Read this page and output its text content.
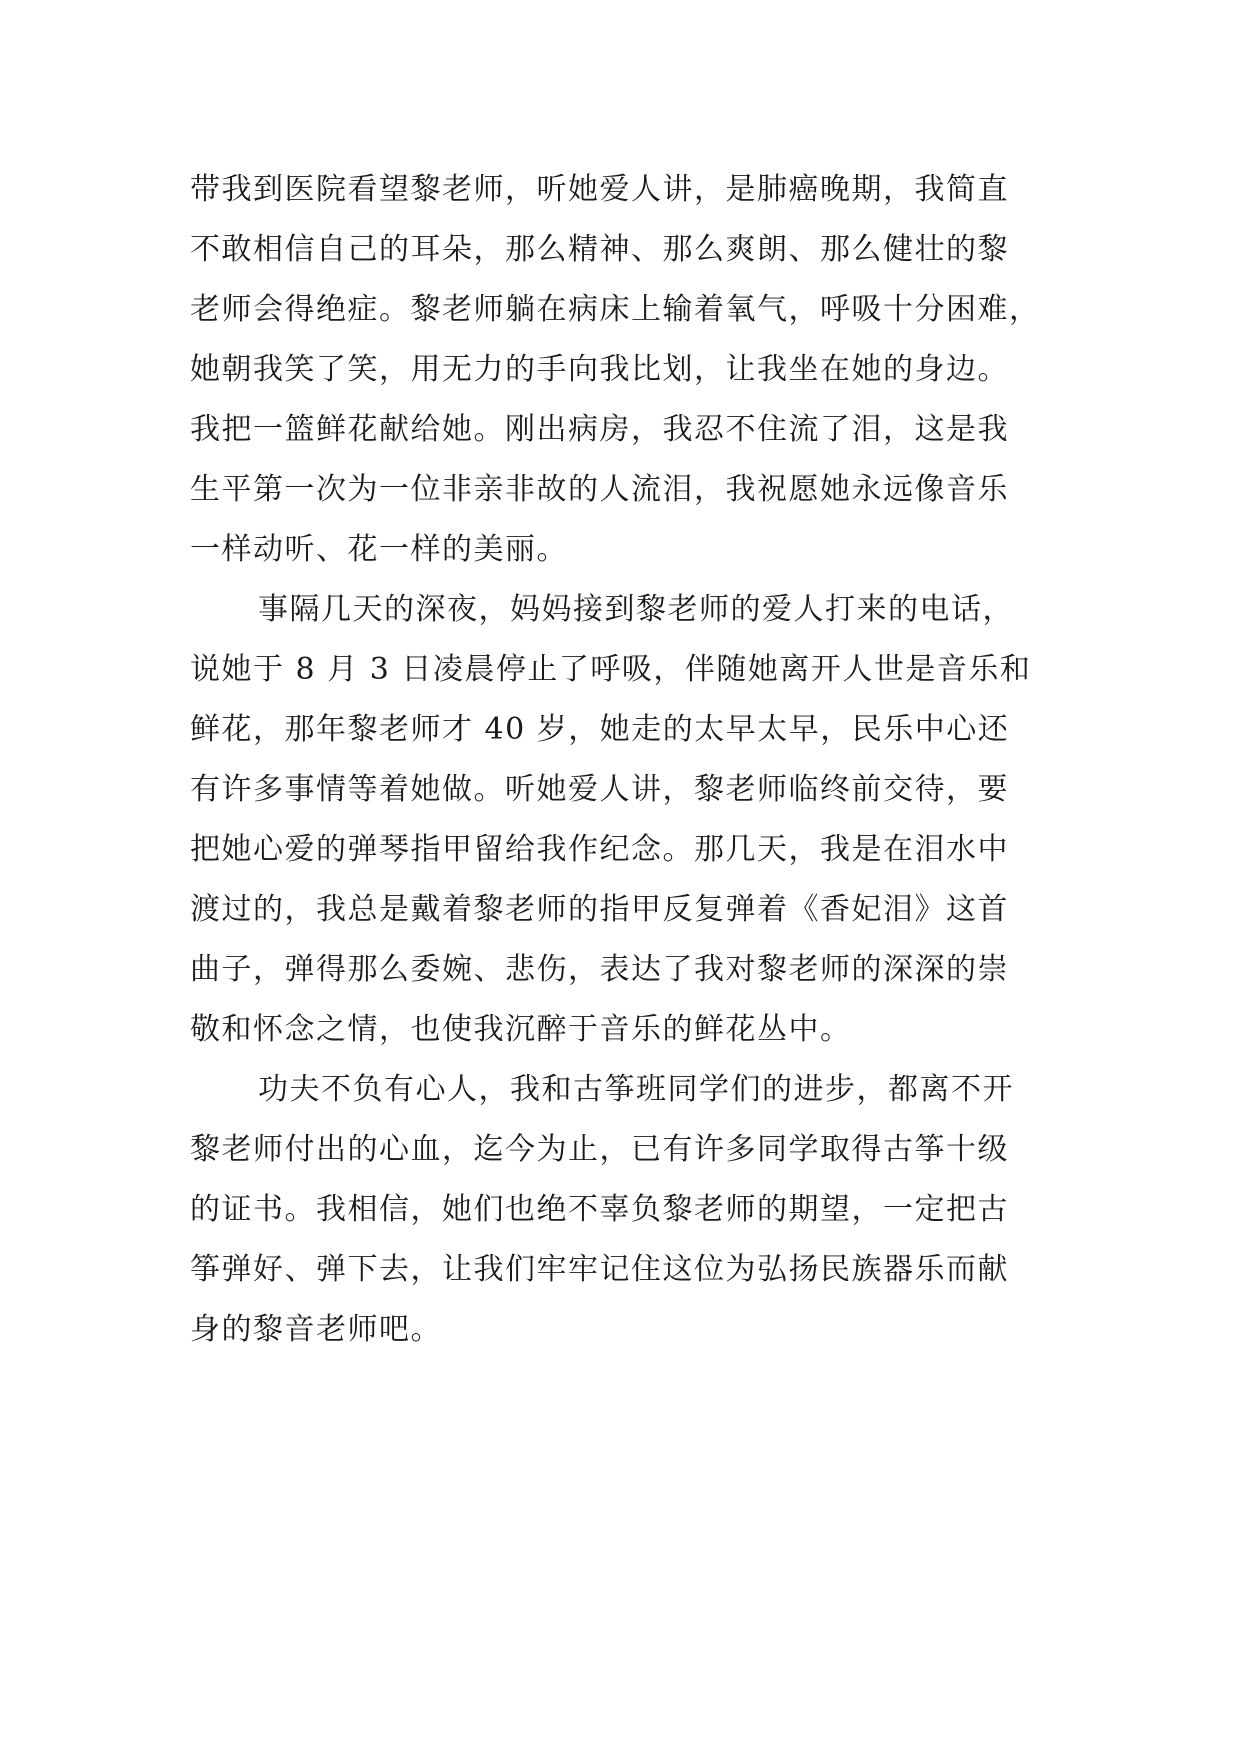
带我到医院看望黎老师，听她爱人讲，是肺癌晚期，我简直
不敢相信自己的耳朵，那么精神、那么爽朗、那么健壮的黎
老师会得绝症。黎老师躺在病床上输着氧气，呼吸十分困难，
她朝我笑了笑，用无力的手向我比划，让我坐在她的身边。
我把一篮鲜花献给她。刚出病房，我忍不住流了泪，这是我
生平第一次为一位非亲非故的人流泪，我祝愿她永远像音乐
一样动听、花一样的美丽。
事隔几天的深夜，妈妈接到黎老师的爱人打来的电话，
说她于 8 月 3 日凌晨停止了呼吸，伴随她离开人世是音乐和
鲜花，那年黎老师才 40 岁，她走的太早太早，民乐中心还
有许多事情等着她做。听她爱人讲，黎老师临终前交待，要
把她心爱的弹琴指甲留给我作纪念。那几天，我是在泪水中
渡过的，我总是戴着黎老师的指甲反复弹着《香妃泪》这首
曲子，弹得那么委婉、悲伤，表达了我对黎老师的深深的崇
敬和怀念之情，也使我沉醉于音乐的鲜花丛中。
功夫不负有心人，我和古筝班同学们的进步，都离不开
黎老师付出的心血，迄今为止，已有许多同学取得古筝十级
的证书。我相信，她们也绝不辜负黎老师的期望，一定把古
筝弹好、弹下去，让我们牢牢记住这位为弘扬民族器乐而献
身的黎音老师吧。
